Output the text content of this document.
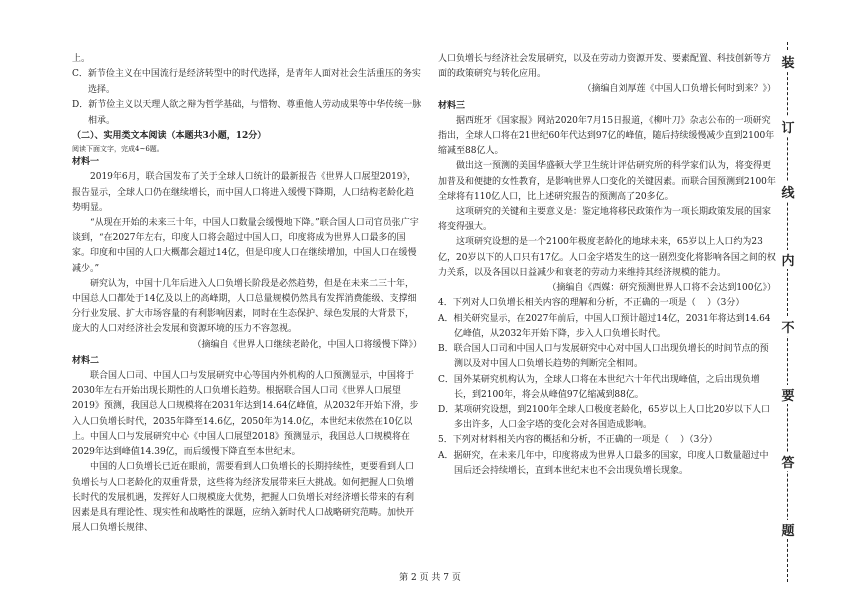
上。

C．新节俭主义在中国流行是经济转型中的时代选择，是青年人面对社会生活重压的务实选择。

D．新节俭主义以天理人欲之辩为哲学基础，与惜物、尊重他人劳动成果等中华传统一脉相承。

（二）、实用类文本阅读（本题共3小题，12分）

阅读下面文字，完成4~6题。

材料一

2019年6月，联合国发布了关于全球人口统计的最新报告《世界人口展望2019》，报告显示，全球人口仍在继续增长，而中国人口将进入缓慢下降期，人口结构老龄化趋势明显。

“从现在开始的未来三十年，中国人口数量会缓慢地下降。”联合国人口司官员张广宇谈到，“在2027年左右，印度人口将会超过中国人口，印度将成为世界人口最多的国家。印度和中国的人口大概都会超过14亿，但是印度人口在继续增加，中国人口在缓慢减少。”

研究认为，中国十几年后进入人口负增长阶段是必然趋势，但是在未来二三十年，中国总人口都处于14亿及以上的高峰期，人口总量规模仍然具有发挥消费能级、支撑细分行业发展、扩大市场容量的有利影响因素，同时在生态保护、绿色发展的大背景下，庞大的人口对经济社会发展和资源环境的压力不容忽视。

（摘编自《世界人口继续老龄化，中国人口将缓慢下降》）

材料二

联合国人口司、中国人口与发展研究中心等国内外机构的人口预测显示，中国将于2030年左右开始出现长期性的人口负增长趋势。根据联合国人口司《世界人口展望2019》预测，我国总人口规模将在2031年达到14.64亿峰值，从2032年开始下滑，步入人口负增长时代，2035年降至14.6亿，2050年为14.0亿，本世纪末依然在10亿以上。中国人口与发展研究中心《中国人口展望2018》预测显示，我国总人口规模将在2029年达到峰值14.39亿，而后缓慢下降直至本世纪末。

中国的人口负增长已近在眼前，需要看到人口负增长的长期持续性，更要看到人口负增长与人口老龄化的双重背景，这些将为经济发展带来巨大挑战。如何把握人口负增长时代的发展机遇，发挥好人口规模庞大优势，把握人口负增长对经济增长带来的有利因素是具有理论性、现实性和战略性的课题，应纳入新时代人口战略研究范畴。加快开展人口负增长规律、

人口负增长与经济社会发展研究，以及在劳动力资源开发、要素配置、科技创新等方面的政策研究与转化应用。

（摘编自刘厚莲《中国人口负增长何时到来？》）

材料三

据西班牙《国家报》网站2020年7月15日报道，《柳叶刀》杂志公布的一项研究指出，全球人口将在21世纪60年代达到97亿的峰值，随后持续缓慢减少直到2100年缩减至88亿人。

做出这一预测的美国华盛顿大学卫生统计评估研究所的科学家们认为，将变得更加普及和便捷的女性教育，是影响世界人口变化的关键因素。而联合国预测到2100年全球将有110亿人口，比上述研究报告的预测高了20多亿。

这项研究的关键和主要意义是：鉴定地将移民政策作为一项长期政策发展的国家将变得强大。

这项研究设想的是一个2100年极度老龄化的地球未来，65岁以上人口约为23亿，20岁以下的人口只有17亿。人口金字塔发生的这一剧烈变化将影响各国之间的权力关系，以及各国以日益减少和衰老的劳动力来维持其经济规模的能力。

（摘编自《西媒：研究预测世界人口将不会达到100亿》）

4．下列对人口负增长相关内容的理解和分析，不正确的一项是（    ）（3分）

A．相关研究显示，在2027年前后，中国人口预计超过14亿，2031年将达到14.64亿峰值，从2032年开始下降，步入人口负增长时代。

B．联合国人口司和中国人口与发展研究中心对中国人口出现负增长的时间节点的预测以及对中国人口负增长趋势的判断完全相同。

C．国外某研究机构认为，全球人口将在本世纪六十年代出现峰值，之后出现负增长，到2100年，将会从峰值97亿缩减到88亿。

D．某项研究设想，到2100年全球人口极度老龄化，65岁以上人口比20岁以下人口多出许多，人口金字塔的变化会对各国造成影响。

5．下列对材料相关内容的概括和分析，不正确的一项是（    ）（3分）

A．据研究，在未来几年中，印度将成为世界人口最多的国家，印度人口数量超过中国后还会持续增长，直到本世纪末也不会出现负增长现象。

装
订
线
内
不
要
答
题
第 2 页 共 7 页
